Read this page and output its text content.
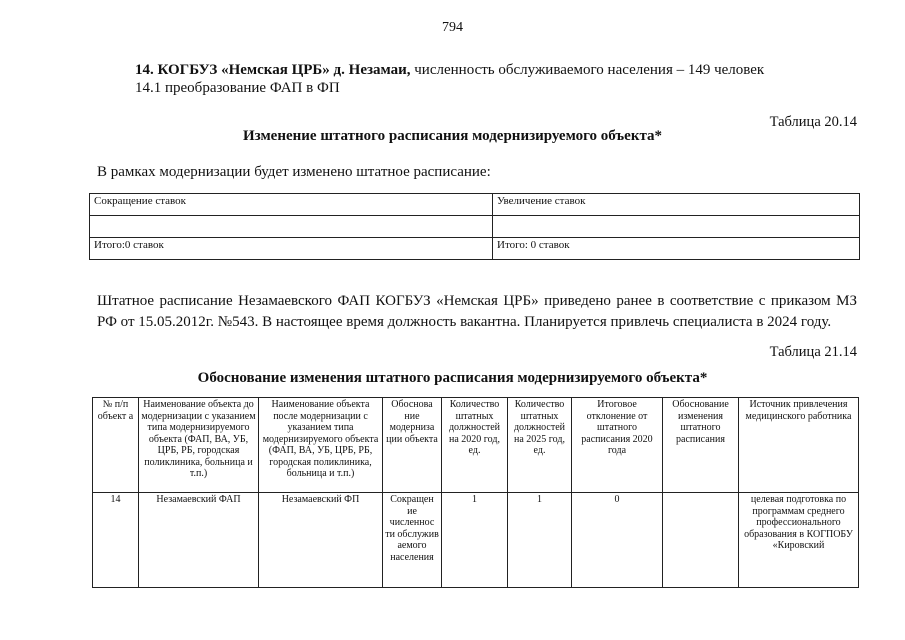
794
14. КОГБУЗ «Немская ЦРБ» д. Незамаи, численность обслуживаемого населения – 149 человек
14.1 преобразование ФАП в ФП
Таблица 20.14
Изменение штатного расписания модернизируемого объекта*
В рамках модернизации будет изменено штатное расписание:
Сокращение ставок	Увеличение ставок

Итого:0 ставок	Итого: 0 ставок
Штатное расписание Незамаевского ФАП КОГБУЗ «Немская ЦРБ» приведено ранее в соответствие с приказом МЗ РФ от 15.05.2012г. №543. В настоящее время должность вакантна. Планируется привлечь специалиста в 2024 году.
Таблица 21.14
Обоснование изменения штатного расписания модернизируемого объекта*
№ п/п объект а	Наименование объекта до модернизации с указанием типа модернизируемого объекта (ФАП, ВА, УБ, ЦРБ, РБ, городская поликлиника, больница и т.п.)	Наименование объекта после модернизации с указанием типа модернизируемого объекта (ФАП, ВА, УБ, ЦРБ, РБ, городская поликлиника, больница и т.п.)	Обоснова ние модерниза ции объекта	Количество штатных должностей на 2020 год, ед.	Количество штатных должностей на 2025 год, ед.	Итоговое отклонение от штатного расписания 2020 года	Обоснование изменения штатного расписания	Источник привлечения медицинского работника
14	Незамаевский ФАП	Незамаевский ФП	Сокращен ие численнос ти обслужив аемого населения	1	1	0		целевая подготовка по программам среднего профессионального образования в КОГПОБУ «Кировский
